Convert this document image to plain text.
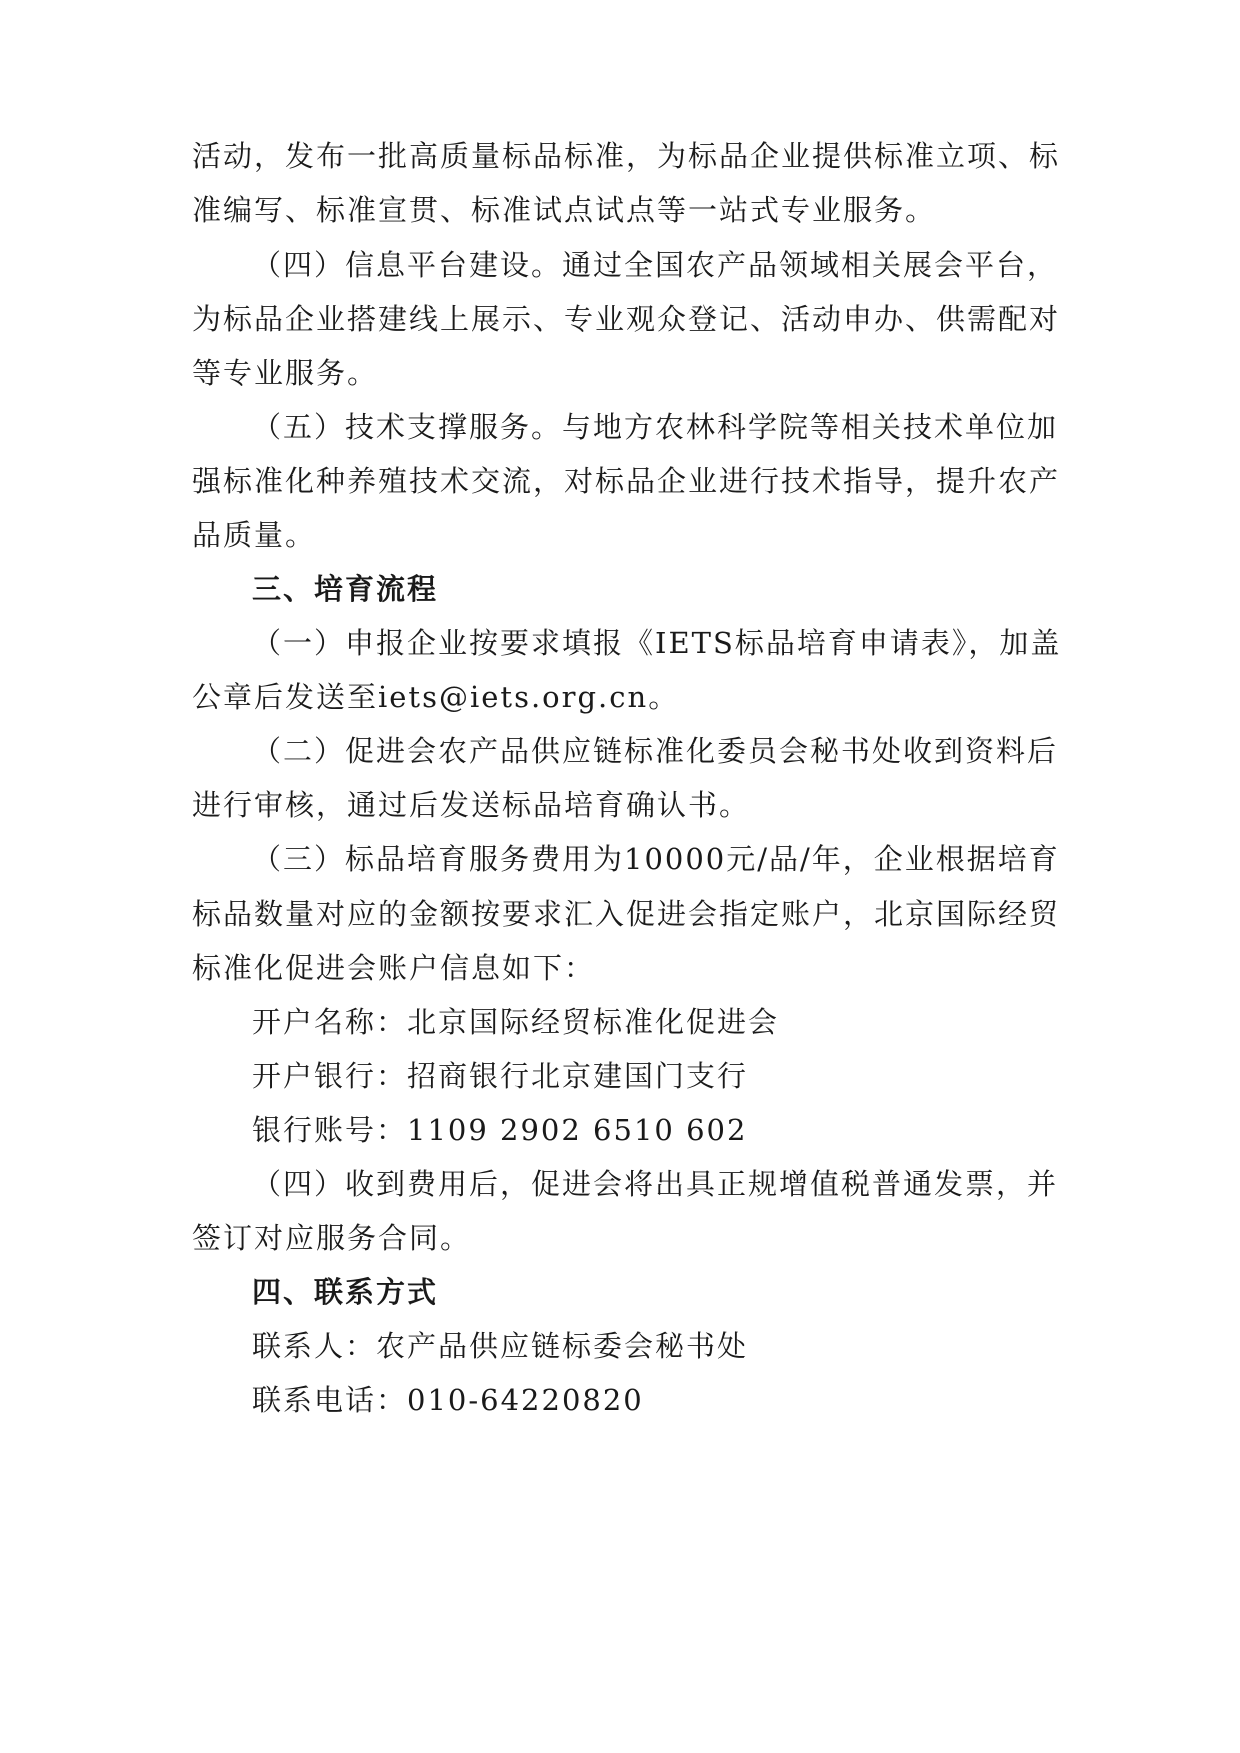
活动，发布一批高质量标品标准，为标品企业提供标准立项、标
准编写、标准宣贯、标准试点试点等一站式专业服务。
（四）信息平台建设。通过全国农产品领域相关展会平台，
为标品企业搭建线上展示、专业观众登记、活动申办、供需配对
等专业服务。
（五）技术支撑服务。与地方农林科学院等相关技术单位加
强标准化种养殖技术交流，对标品企业进行技术指导，提升农产
品质量。
三、培育流程
（一）申报企业按要求填报《IETS标品培育申请表》，加盖
公章后发送至iets@iets.org.cn。
（二）促进会农产品供应链标准化委员会秘书处收到资料后
进行审核，通过后发送标品培育确认书。
（三）标品培育服务费用为10000元/品/年，企业根据培育
标品数量对应的金额按要求汇入促进会指定账户，北京国际经贸
标准化促进会账户信息如下：
开户名称：北京国际经贸标准化促进会
开户银行：招商银行北京建国门支行
银行账号：1109 2902 6510 602
（四）收到费用后，促进会将出具正规增值税普通发票，并
签订对应服务合同。
四、联系方式
联系人：农产品供应链标委会秘书处
联系电话：010-64220820
